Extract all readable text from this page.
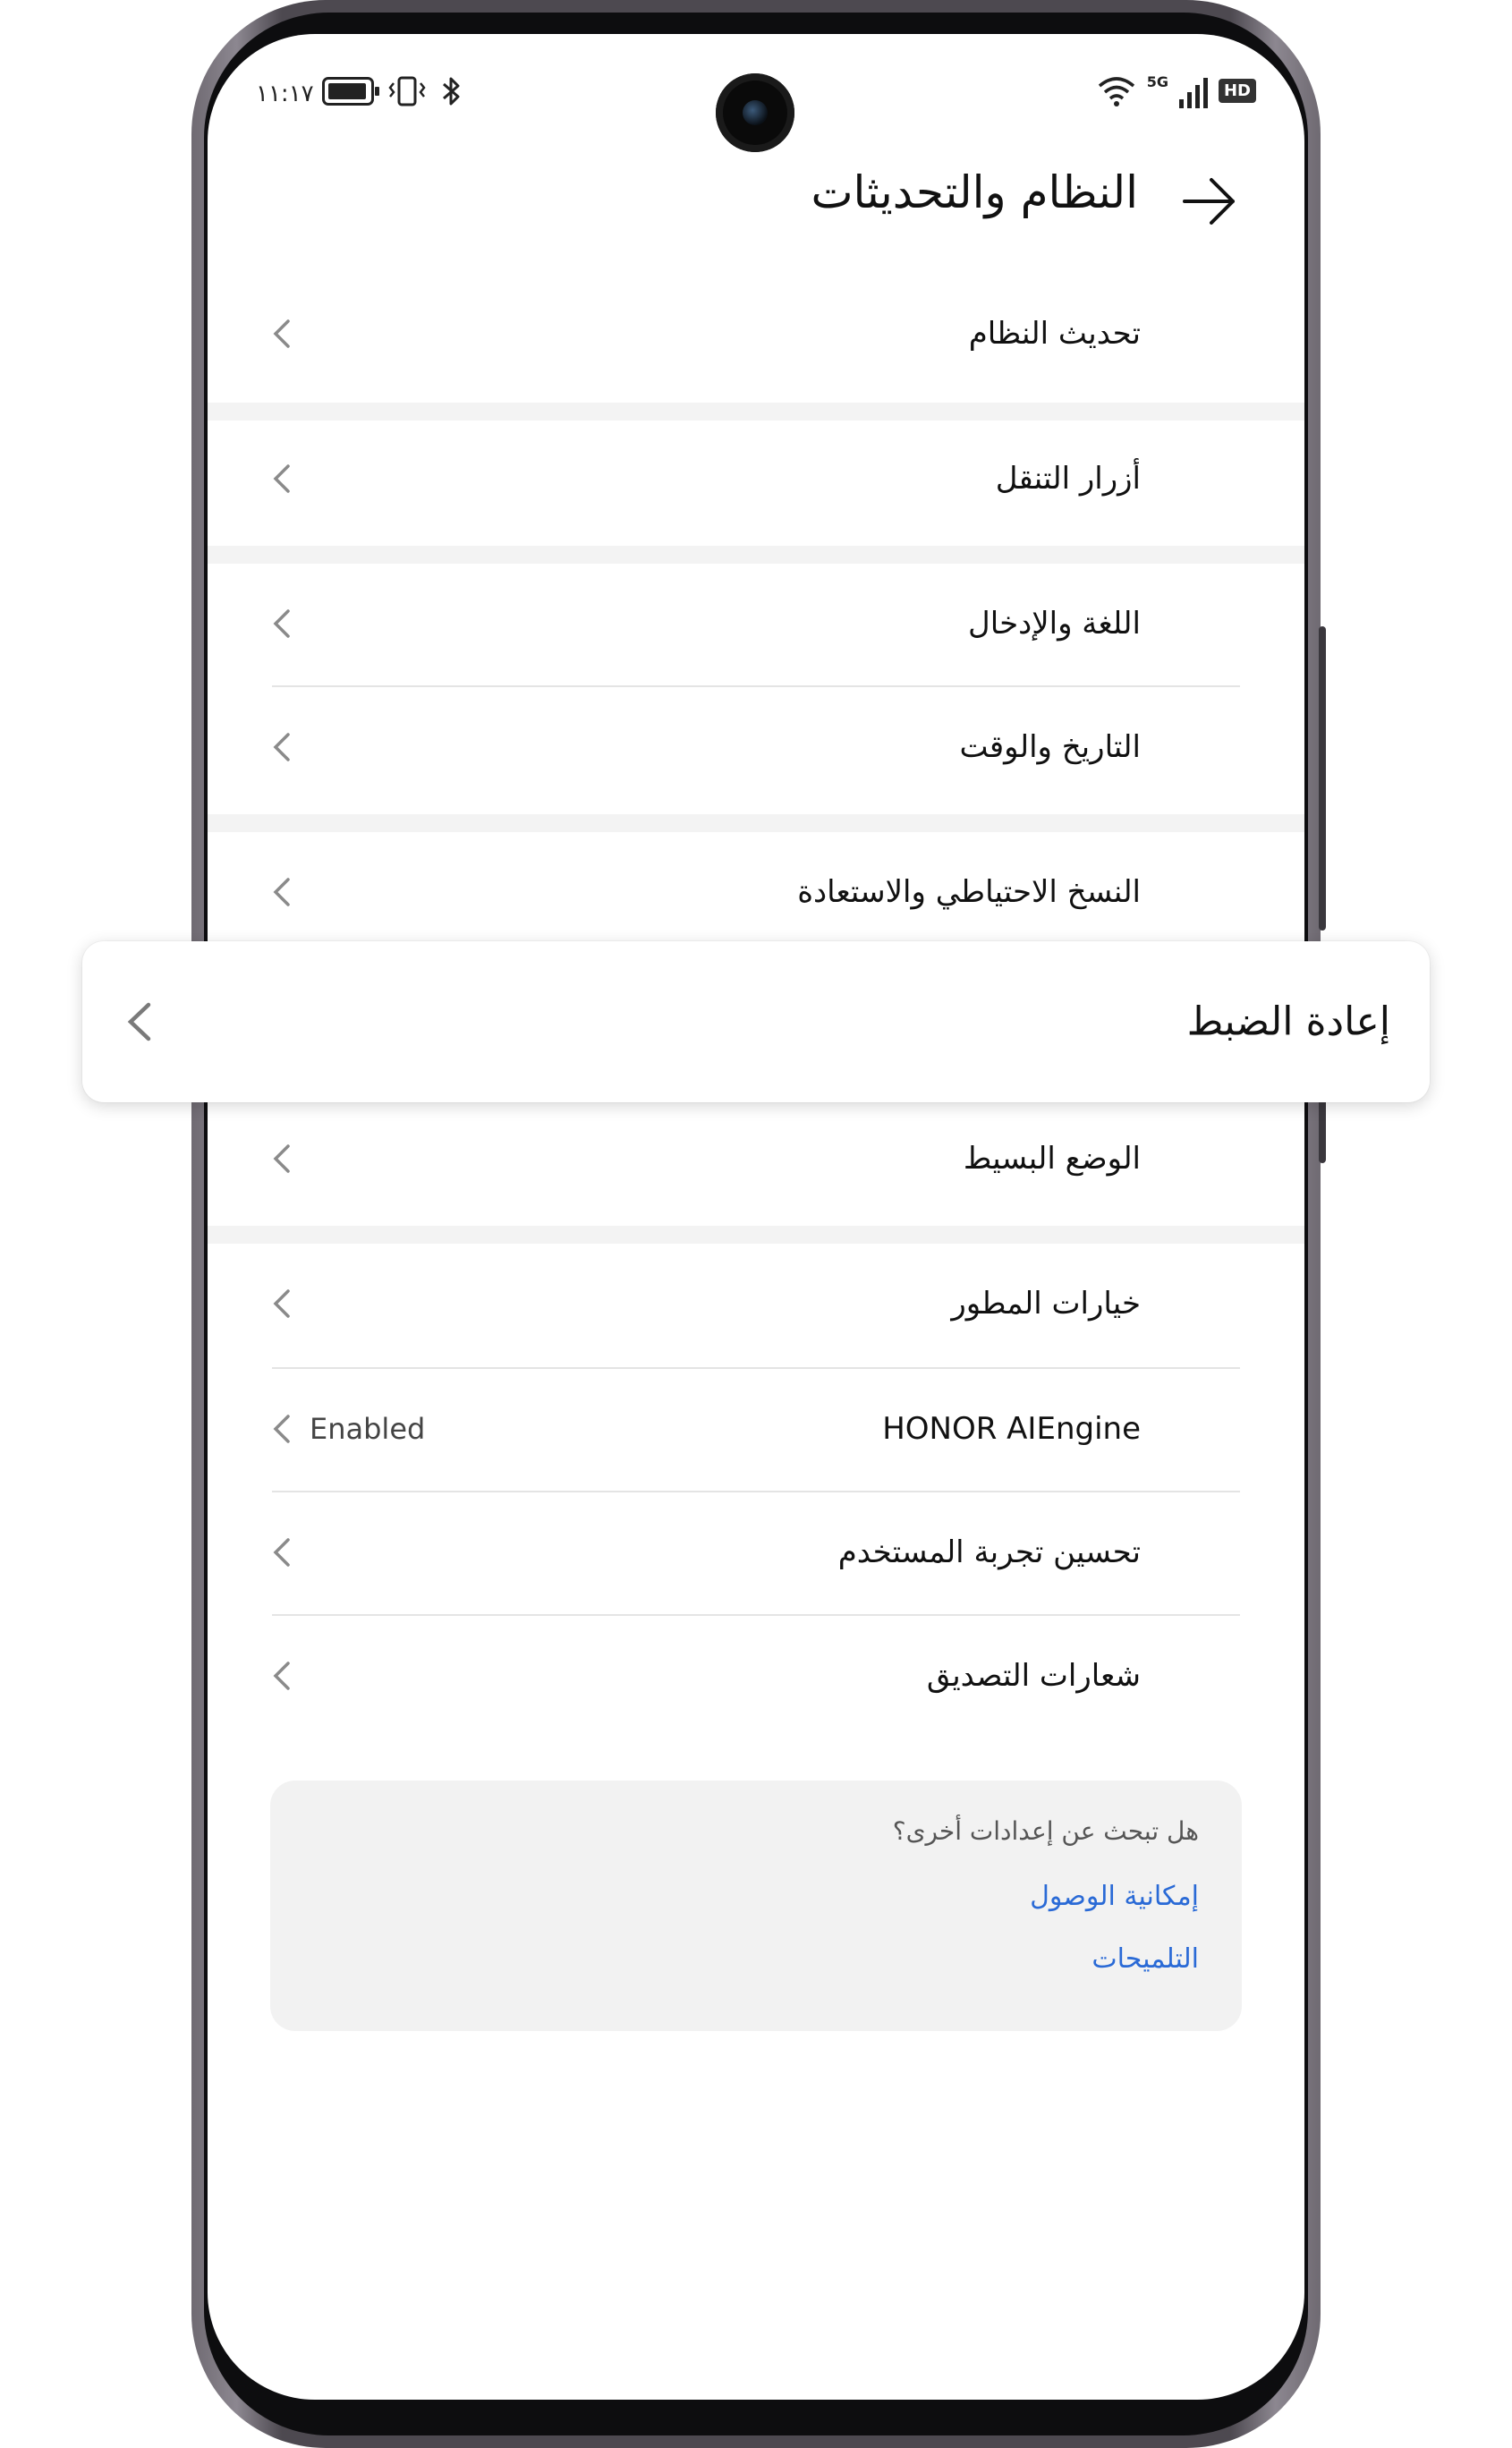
١١:١٧	5G	HD
النظام والتحديثات
تحديث النظام
أزرار التنقل
اللغة والإدخال
التاريخ والوقت
النسخ الاحتياطي والاستعادة
الوضع البسيط
خيارات المطور
HONOR AIEngine
Enabled
تحسين تجربة المستخدم
شعارات التصديق
إعادة الضبط
هل تبحث عن إعدادات أخرى؟
إمكانية الوصول
التلميحات
